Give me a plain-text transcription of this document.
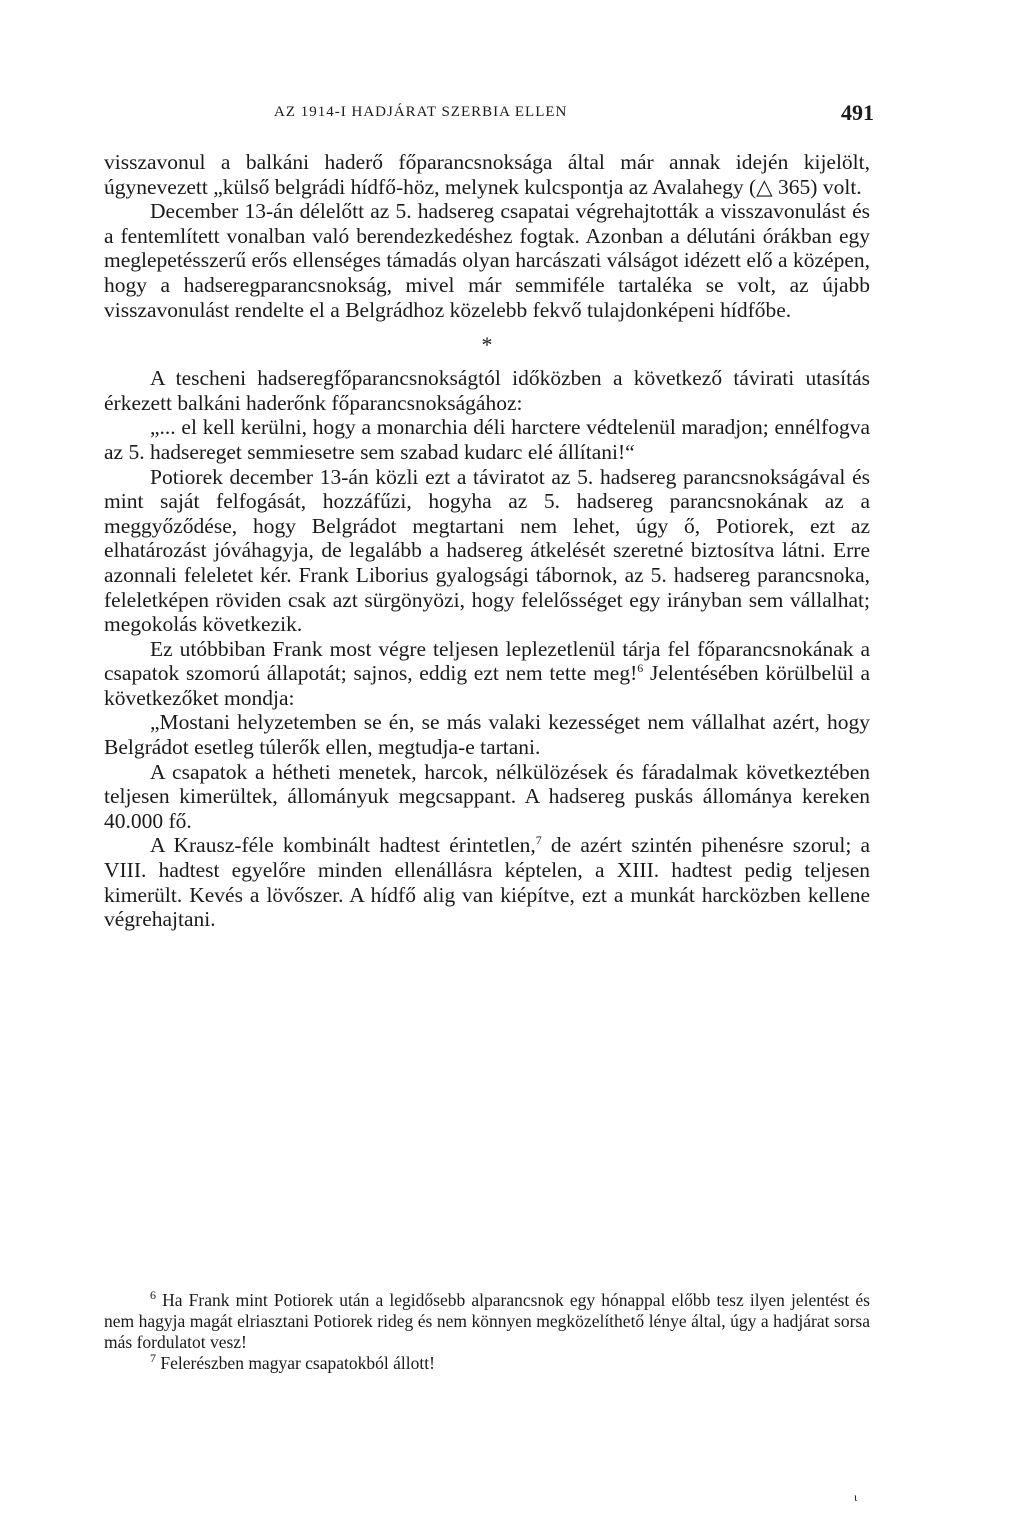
AZ 1914-I HADJÁRAT SZERBIA ELLEN	491

visszavonul a balkáni haderő főparancsnoksága által már annak idején kijelölt, úgynevezett „külső belgrádi hídfő-höz, melynek kulcspontja az Avalahegy (△ 365) volt.

December 13-án délelőtt az 5. hadsereg csapatai végrehajtották a visszavonulást és a fentemlített vonalban való berendezkedéshez fogtak. Azonban a délutáni órákban egy meglepetésszerű erős ellenséges támadás olyan harcászati válságot idézett elő a középen, hogy a hadseregparancsnokság, mivel már semmiféle tartaléka se volt, az újabb visszavonulást rendelte el a Belgrádhoz közelebb fekvő tulajdonképeni hídfőbe.

*

A tescheni hadseregfőparancsnokságtól időközben a következő távirati utasítás érkezett balkáni haderőnk főparancsnokságához:

„... el kell kerülni, hogy a monarchia déli harctere védtelenül maradjon; ennélfogva az 5. hadsereget semmiesetre sem szabad kudarc elé állítani!“

Potiorek december 13-án közli ezt a táviratot az 5. hadsereg parancsnokságával és mint saját felfogását, hozzáfűzi, hogyha az 5. hadsereg parancsnokának az a meggyőződése, hogy Belgrádot megtartani nem lehet, úgy ő, Potiorek, ezt az elhatározást jóváhagyja, de legalább a hadsereg átkelését szeretné biztosítva látni. Erre azonnali feleletet kér. Frank Liborius gyalogsági tábornok, az 5. hadsereg parancsnoka, feleletképen röviden csak azt sürgönyözi, hogy felelősséget egy irányban sem vállalhat; megokolás következik.

Ez utóbbiban Frank most végre teljesen leplezetlenül tárja fel főparancsnokának a csapatok szomorú állapotát; sajnos, eddig ezt nem tette meg!$^6$ Jelentésében körülbelül a következőket mondja:

„Mostani helyzetemben se én, se más valaki kezességet nem vállalhat azért, hogy Belgrádot esetleg túlerők ellen, megtudja-e tartani.

A csapatok a hétheti menetek, harcok, nélkülözések és fáradalmak következtében teljesen kimerültek, állományuk megcsappant. A hadsereg puskás állománya kereken 40.000 fő.

A Krausz-féle kombinált hadtest érintetlen,$^7$ de azért szintén pihenésre szorul; a VIII. hadtest egyelőre minden ellenállásra képtelen, a XIII. hadtest pedig teljesen kimerült. Kevés a lövőszer. A hídfő alig van kiépítve, ezt a munkát harcközben kellene végrehajtani.

$^6$ Ha Frank mint Potiorek után a legidősebb alparancsnok egy hónappal előbb tesz ilyen jelentést és nem hagyja magát elriasztani Potiorek rideg és nem könnyen megközelíthető lénye által, úgy a hadjárat sorsa más fordulatot vesz!

$^7$ Felerészben magyar csapatokból állott!

ι
